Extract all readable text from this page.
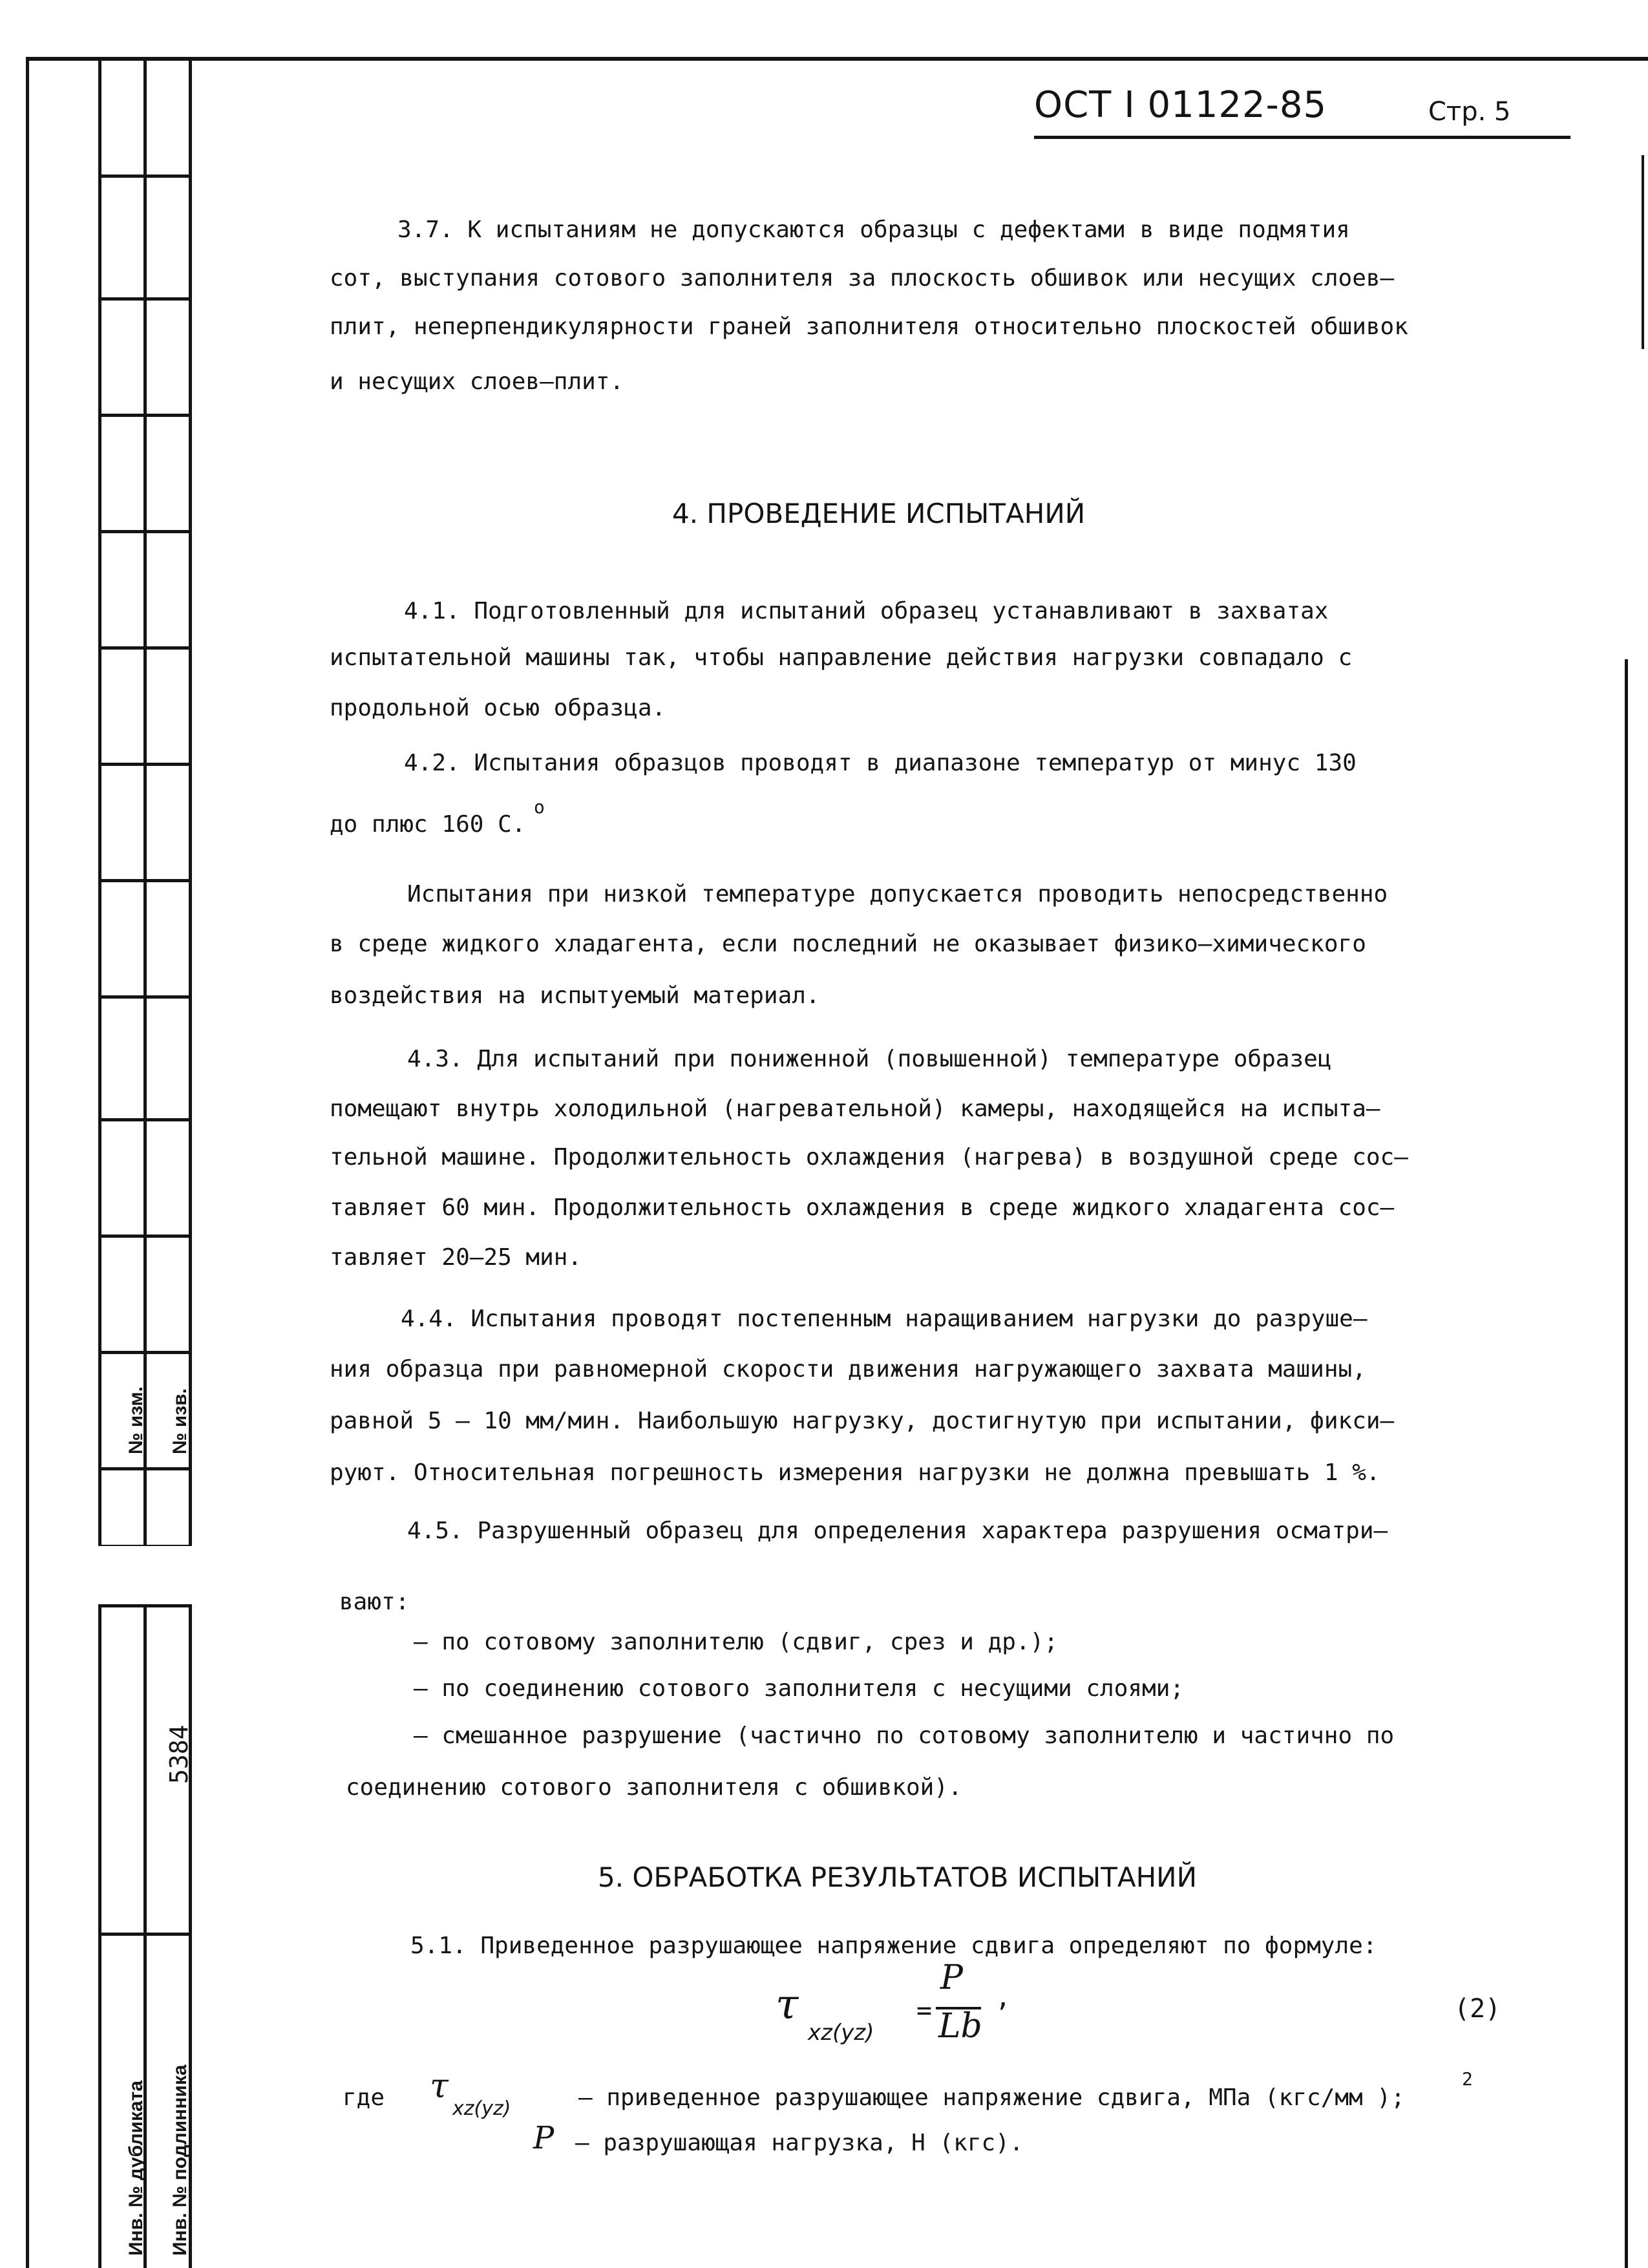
№ изм. № изв.
5384
Инв. № дубликата Инв. № подлинника
ОСТ I 01122-85	Стр. 5
3.7. К испытаниям не допускаются образцы с дефектами в виде подмятия
сот, выступания сотового заполнителя за плоскость обшивок или несущих слоев–
плит, неперпендикулярности граней заполнителя относительно плоскостей обшивок
и несущих слоев–плит.
4. ПРОВЕДЕНИЕ ИСПЫТАНИЙ
4.1. Подготовленный для испытаний образец устанавливают в захватах
испытательной машины так, чтобы направление действия нагрузки совпадало с
продольной осью образца.
4.2. Испытания образцов проводят в диапазоне температур от минус 130
до плюс 160 С.
o
Испытания при низкой температуре допускается проводить непосредственно
в среде жидкого хладагента, если последний не оказывает физико–химического
воздействия на испытуемый материал.
4.3. Для испытаний при пониженной (повышенной) температуре образец
помещают внутрь холодильной (нагревательной) камеры, находящейся на испыта–
тельной машине. Продолжительность охлаждения (нагрева) в воздушной среде сос–
тавляет 60 мин. Продолжительность охлаждения в среде жидкого хладагента сос–
тавляет 20–25 мин.
4.4. Испытания проводят постепенным наращиванием нагрузки до разруше–
ния образца при равномерной скорости движения нагружающего захвата машины,
равной 5 – 10 мм/мин. Наибольшую нагрузку, достигнутую при испытании, фикси–
руют. Относительная погрешность измерения нагрузки не должна превышать 1 %.
4.5. Разрушенный образец для определения характера разрушения осматри–
вают:
– по сотовому заполнителю (сдвиг, срез и др.);
– по соединению сотового заполнителя с несущими слоями;
– смешанное разрушение (частично по сотовому заполнителю и частично по
соединению сотового заполнителя с обшивкой).
5. ОБРАБОТКА РЕЗУЛЬТАТОВ ИСПЫТАНИЙ
5.1. Приведенное разрушающее напряжение сдвига определяют по формуле:
τ
xz(yz)
=
P
Lb
,	(2)
где τ
xz(yz)	– приведенное разрушающее напряжение сдвига, МПа (кгс/мм );
2
P – разрушающая нагрузка, Н (кгс).
